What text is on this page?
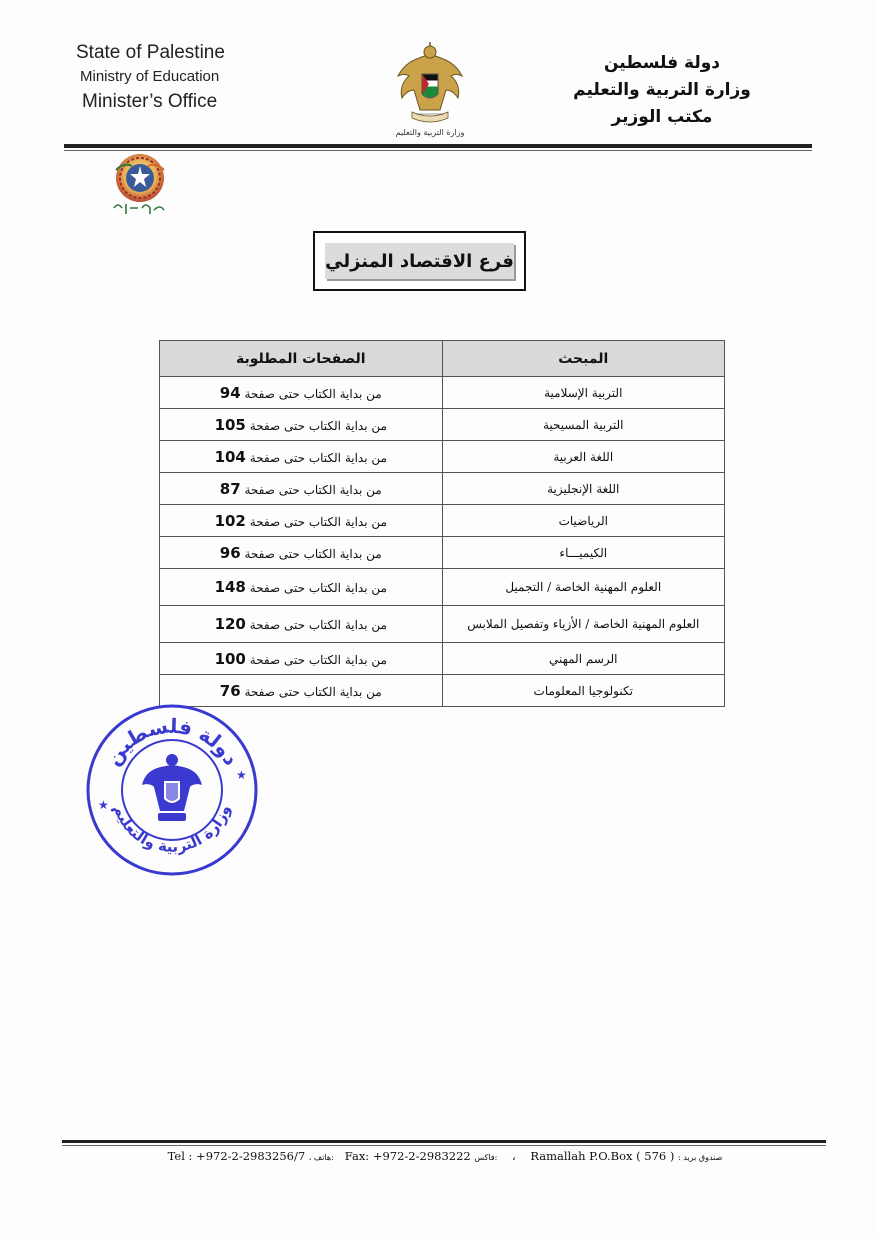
State of Palestine
Ministry of Education
Minister’s Office
وزارة التربية والتعليم
دولة فلسطين
وزارة التربية والتعليم
مكتب الوزير
فرع الاقتصاد المنزلي
المبحث	الصفحات المطلوبة
التربية الإسلامية	من بداية الكتاب حتى صفحة 94
التربية المسيحية	من بداية الكتاب حتى صفحة 105
اللغة العربية	من بداية الكتاب حتى صفحة 104
اللغة الإنجليزية	من بداية الكتاب حتى صفحة 87
الرياضيات	من بداية الكتاب حتى صفحة 102
الكيميـــاء	من بداية الكتاب حتى صفحة 96
العلوم المهنية الخاصة / التجميل	من بداية الكتاب حتى صفحة 148
العلوم المهنية الخاصة / الأزياء وتفصيل الملابس	من بداية الكتاب حتى صفحة 120
الرسم المهني	من بداية الكتاب حتى صفحة 100
تكنولوجيا المعلومات	من بداية الكتاب حتى صفحة 76
دولة فلسطين
وزارة التربية والتعليم
★
★
Tel : +972-2-2983256/7 ، هاتف: Fax: +972-2-2983222 فاكس: ، Ramallah P.O.Box ( 576 ) : صندوق بريد
